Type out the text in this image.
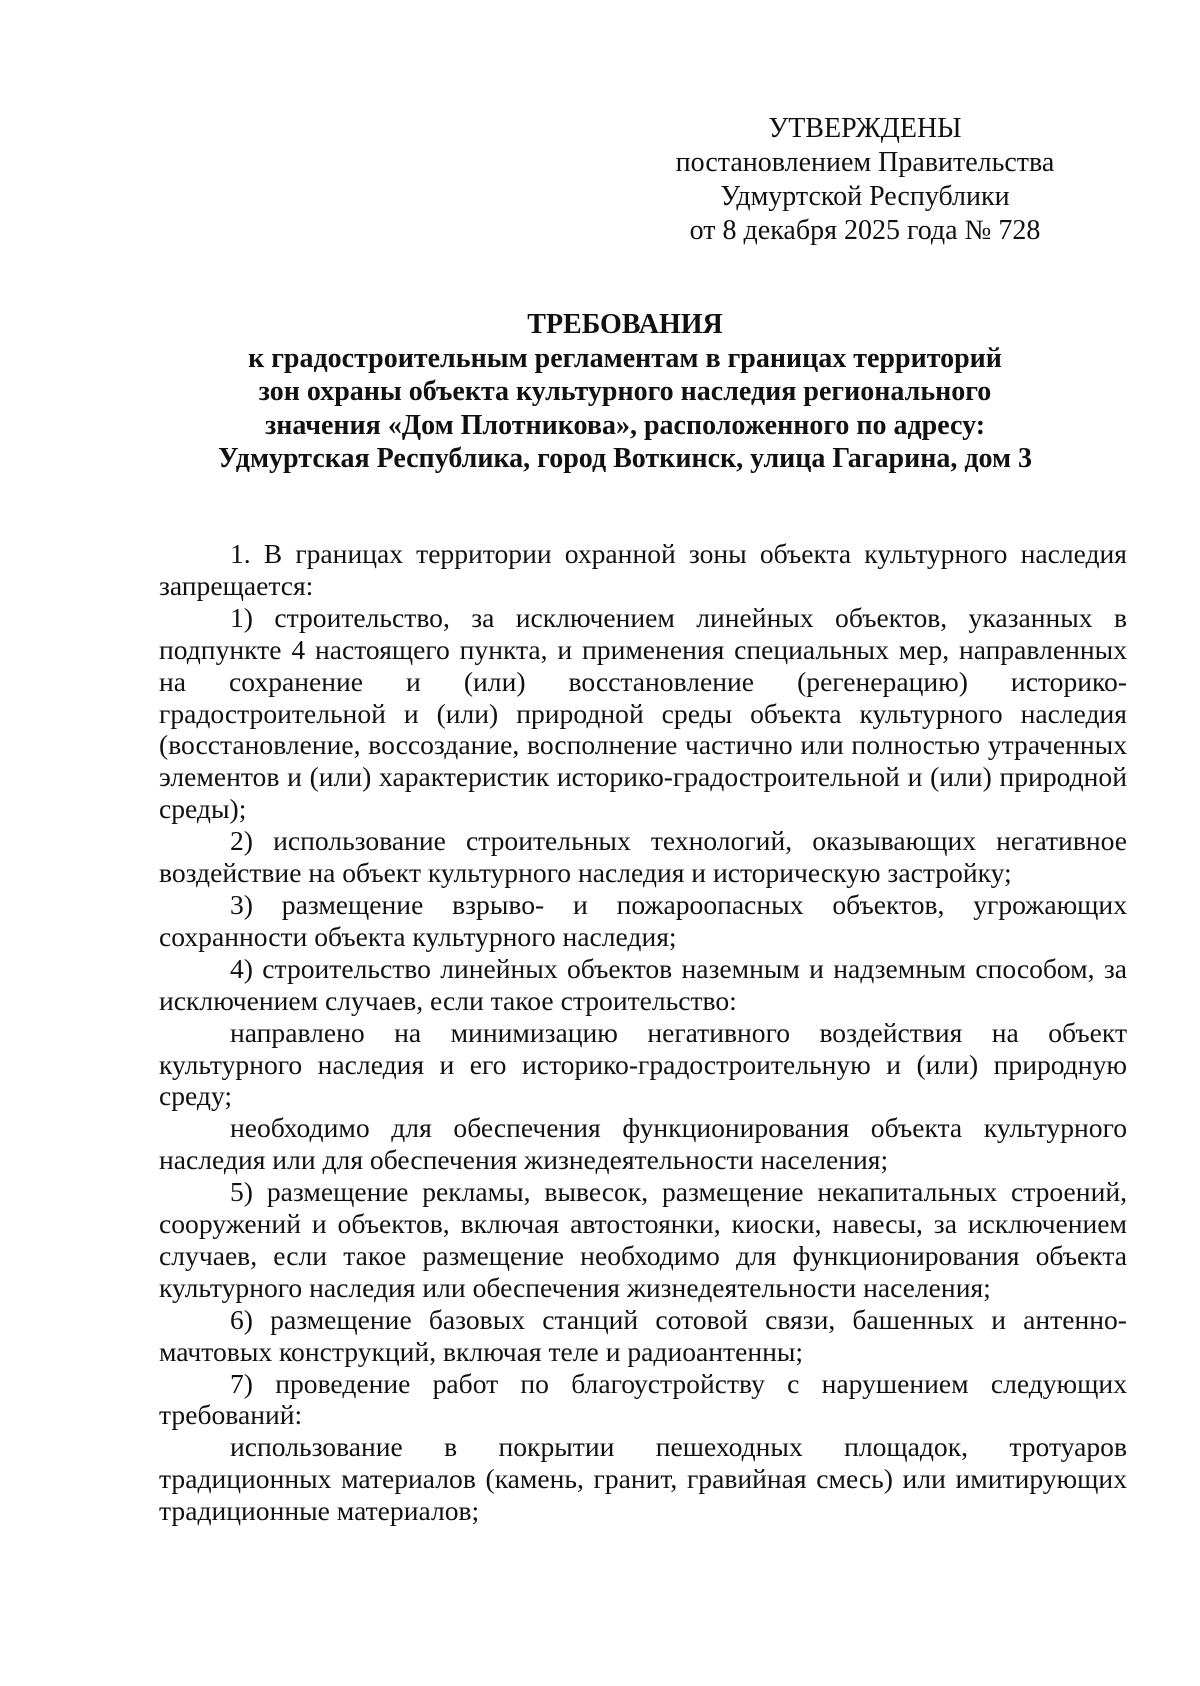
УТВЕРЖДЕНЫ
постановлением Правительства
Удмуртской Республики
от 8 декабря 2025 года № 728
ТРЕБОВАНИЯ
к градостроительным регламентам в границах территорий
зон охраны объекта культурного наследия регионального
значения «Дом Плотникова», расположенного по адресу:
Удмуртская Республика, город Воткинск, улица Гагарина, дом 3

1. В границах территории охранной зоны объекта культурного наследия запрещается:

1) строительство, за исключением линейных объектов, указанных в подпункте 4 настоящего пункта, и применения специальных мер, направленных на сохранение и (или) восстановление (регенерацию) историко-градостроительной и (или) природной среды объекта культурного наследия (восстановление, воссоздание, восполнение частично или полностью утраченных элементов и (или) характеристик историко-градостроительной и (или) природной среды);

2) использование строительных технологий, оказывающих негативное воздействие на объект культурного наследия и историческую застройку;

3) размещение взрыво- и пожароопасных объектов, угрожающих сохранности объекта культурного наследия;

4) строительство линейных объектов наземным и надземным способом, за исключением случаев, если такое строительство:

направлено на минимизацию негативного воздействия на объект культурного наследия и его историко-градостроительную и (или) природную среду;

необходимо для обеспечения функционирования объекта культурного наследия или для обеспечения жизнедеятельности населения;

5) размещение рекламы, вывесок, размещение некапитальных строений, сооружений и объектов, включая автостоянки, киоски, навесы, за исключением случаев, если такое размещение необходимо для функционирования объекта культурного наследия или обеспечения жизнедеятельности населения;

6) размещение базовых станций сотовой связи, башенных и антенно-мачтовых конструкций, включая теле и радиоантенны;

7) проведение работ по благоустройству с нарушением следующих требований:

использование в покрытии пешеходных площадок, тротуаров традиционных материалов (камень, гранит, гравийная смесь) или имитирующих традиционные материалов;
